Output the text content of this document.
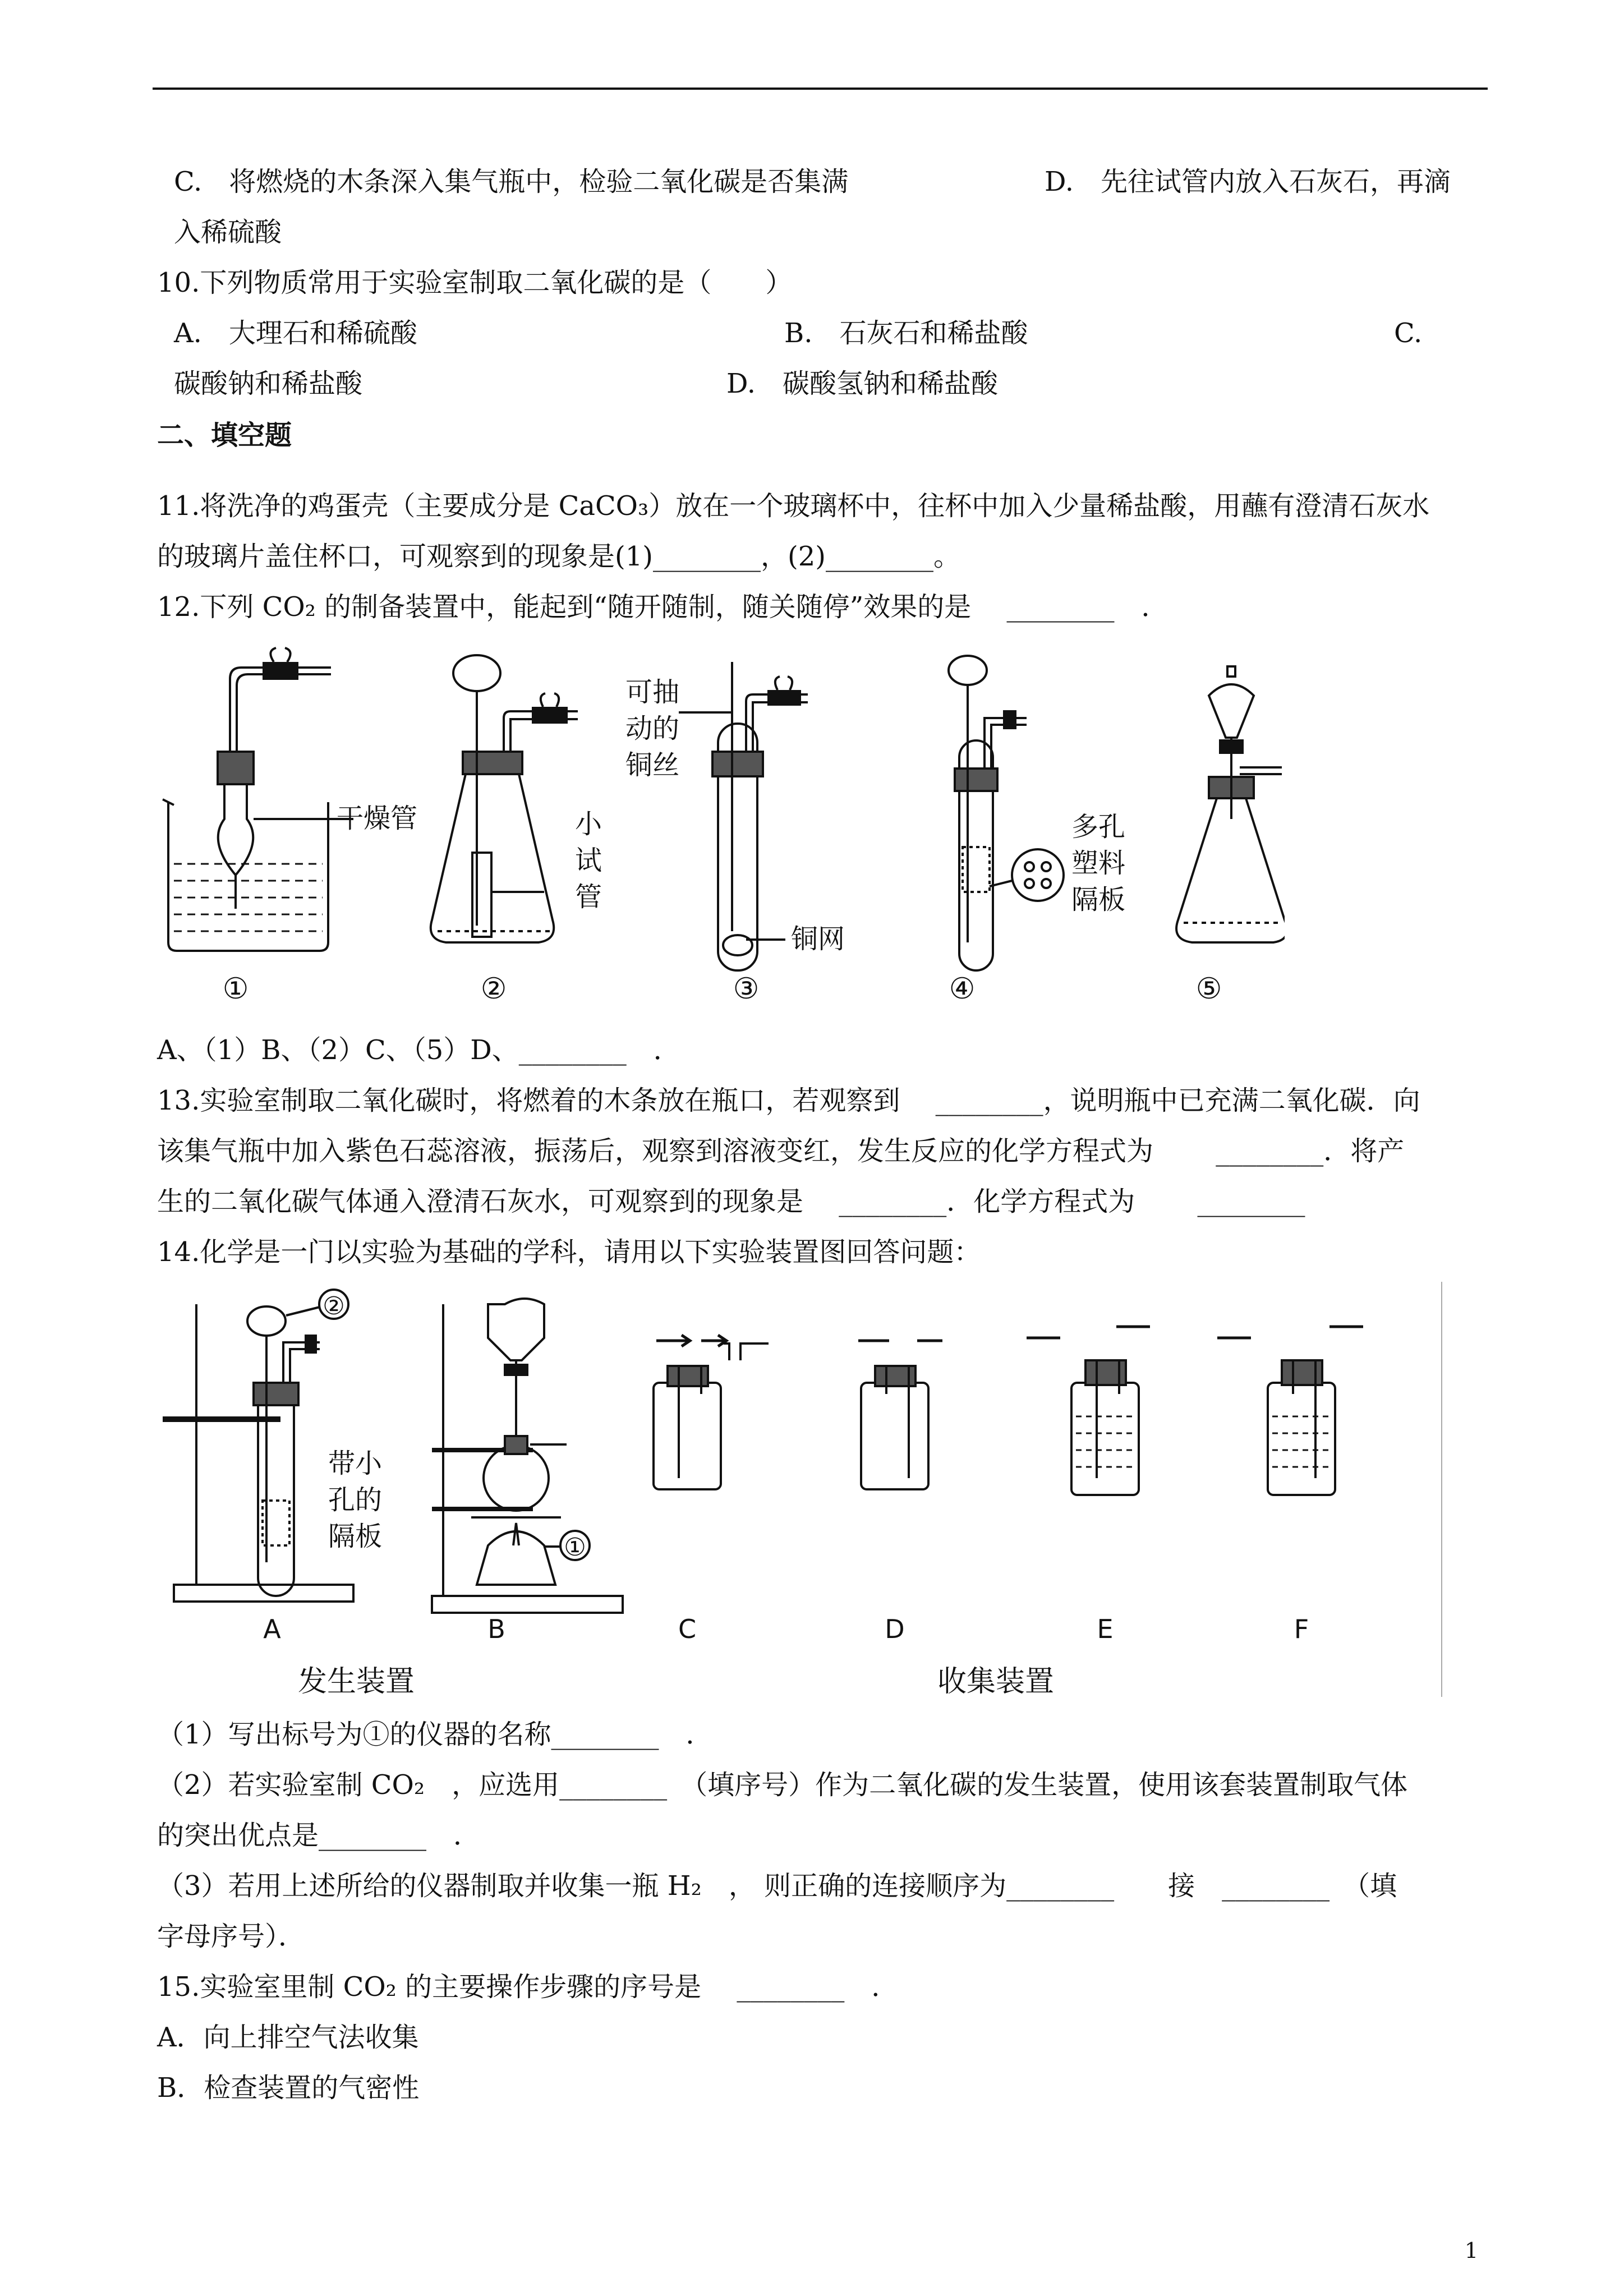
C.　将燃烧的木条深入集气瓶中，检验二氧化碳是否集满	D.　先往试管内放入石灰石，再滴
入稀硫酸
10.下列物质常用于实验室制取二氧化碳的是（　　）
A.　大理石和稀硫酸	B.　石灰石和稀盐酸	C.
碳酸钠和稀盐酸	D.　碳酸氢钠和稀盐酸
二、填空题
11.将洗净的鸡蛋壳（主要成分是 CaCO₃）放在一个玻璃杯中，往杯中加入少量稀盐酸，用蘸有澄清石灰水
的玻璃片盖住杯口，可观察到的现象是(1)________，(2)________。
12.下列 CO₂ 的制备装置中，能起到“随开随制，随关随停”效果的是　 ________　．
干燥管	小
试
管
可抽
动的
铜丝
铜网
多孔
塑料
隔板
①	②	③	④	⑤
A、（1）B、（2）C、（5）D、________　．
13.实验室制取二氧化碳时，将燃着的木条放在瓶口，若观察到　 ________，说明瓶中已充满二氧化碳．向
该集气瓶中加入紫色石蕊溶液，振荡后，观察到溶液变红，发生反应的化学方程式为　　 ________．将产
生的二氧化碳气体通入澄清石灰水，可观察到的现象是　 ________．化学方程式为　　 ________
14.化学是一门以实验为基础的学科，请用以下实验装置图回答问题：
②
①
带小
孔的
隔板
A	B	C	D	E	F
发生装置	收集装置
（1）写出标号为①的仪器的名称________　．
（2）若实验室制 CO₂　，应选用________　（填序号）作为二氧化碳的发生装置，使用该套装置制取气体
的突出优点是________　．
（3）若用上述所给的仪器制取并收集一瓶 H₂　， 则正确的连接顺序为________　　接　________　（填
字母序号）．
15.实验室里制 CO₂ 的主要操作步骤的序号是　 ________　．
A．向上排空气法收集
B．检查装置的气密性
1
